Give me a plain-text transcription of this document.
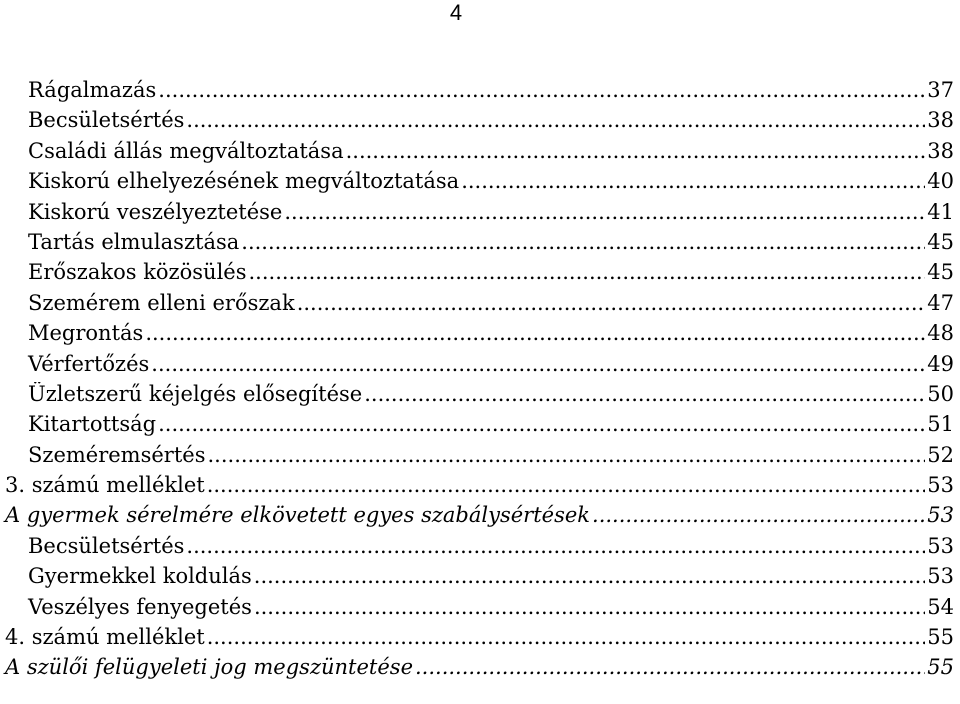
4
Rágalmazás .....	37
Becsületsértés .....	38
Családi állás megváltoztatása .....	38
Kiskorú elhelyezésének megváltoztatása .....	40
Kiskorú veszélyeztetése .....	41
Tartás elmulasztása .....	45
Erőszakos közösülés .....	45
Szemérem elleni erőszak .....	47
Megrontás .....	48
Vérfertőzés .....	49
Üzletszerű kéjelgés elősegítése .....	50
Kitartottság .....	51
Szeméremsértés .....	52
3. számú melléklet .....	53
A gyermek sérelmére elkövetett egyes szabálysértések .....	53
Becsületsértés .....	53
Gyermekkel koldulás .....	53
Veszélyes fenyegetés .....	54
4. számú melléklet .....	55
A szülői felügyeleti jog megszüntetése .....	55
